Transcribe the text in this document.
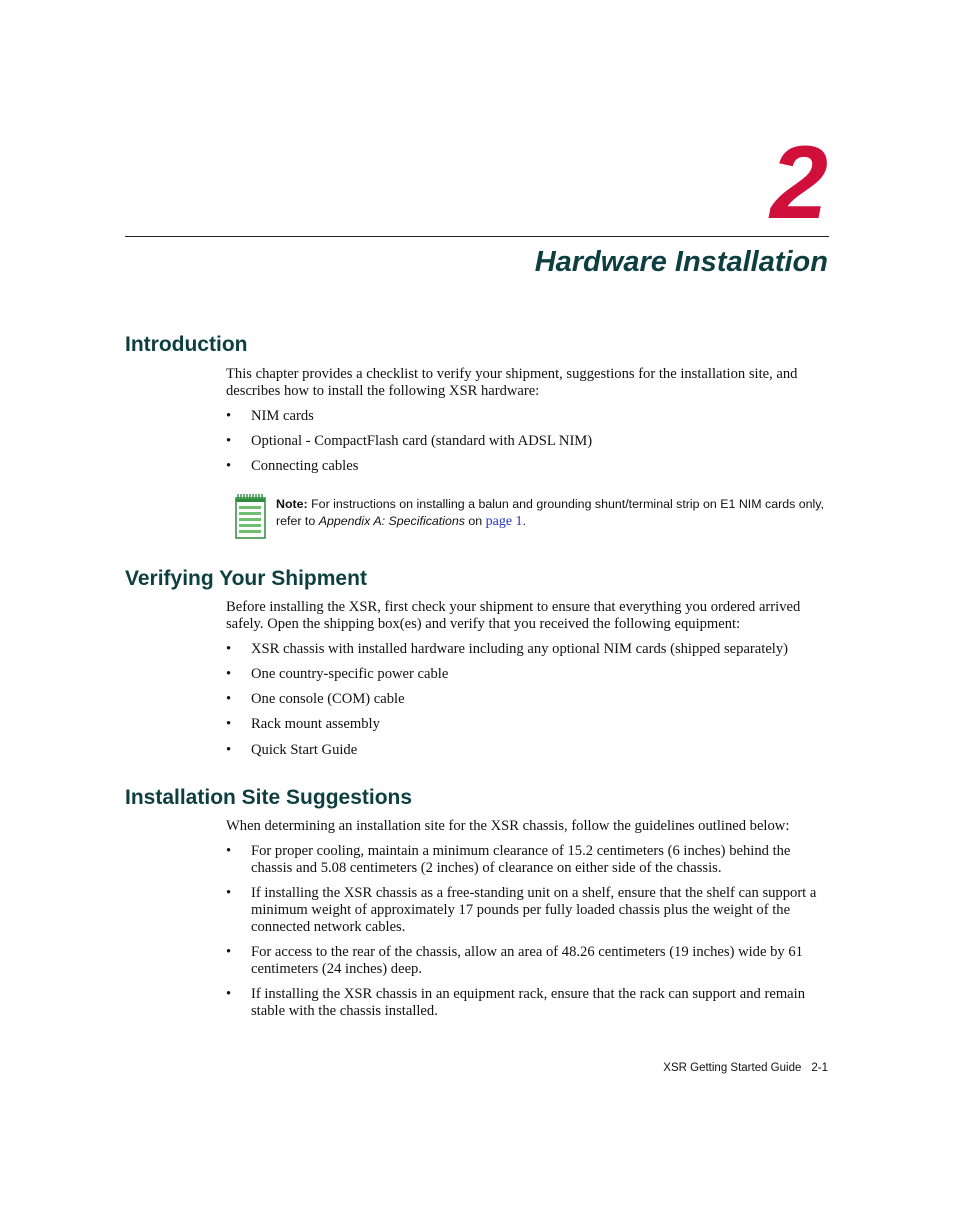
2
Hardware Installation
Introduction
This chapter provides a checklist to verify your shipment, suggestions for the installation site, and describes how to install the following XSR hardware:
• NIM cards
• Optional - CompactFlash card (standard with ADSL NIM)
• Connecting cables
Note: For instructions on installing a balun and grounding shunt/terminal strip on E1 NIM cards only, refer to Appendix A: Specifications on page 1.
Verifying Your Shipment
Before installing the XSR, first check your shipment to ensure that everything you ordered arrived safely. Open the shipping box(es) and verify that you received the following equipment:
• XSR chassis with installed hardware including any optional NIM cards (shipped separately)
• One country-specific power cable
• One console (COM) cable
• Rack mount assembly
• Quick Start Guide
Installation Site Suggestions
When determining an installation site for the XSR chassis, follow the guidelines outlined below:
• For proper cooling, maintain a minimum clearance of 15.2 centimeters (6 inches) behind the chassis and 5.08 centimeters (2 inches) of clearance on either side of the chassis.
• If installing the XSR chassis as a free-standing unit on a shelf, ensure that the shelf can support a minimum weight of approximately 17 pounds per fully loaded chassis plus the weight of the connected network cables.
• For access to the rear of the chassis, allow an area of 48.26 centimeters (19 inches) wide by 61 centimeters (24 inches) deep.
• If installing the XSR chassis in an equipment rack, ensure that the rack can support and remain stable with the chassis installed.
XSR Getting Started Guide 2-1
